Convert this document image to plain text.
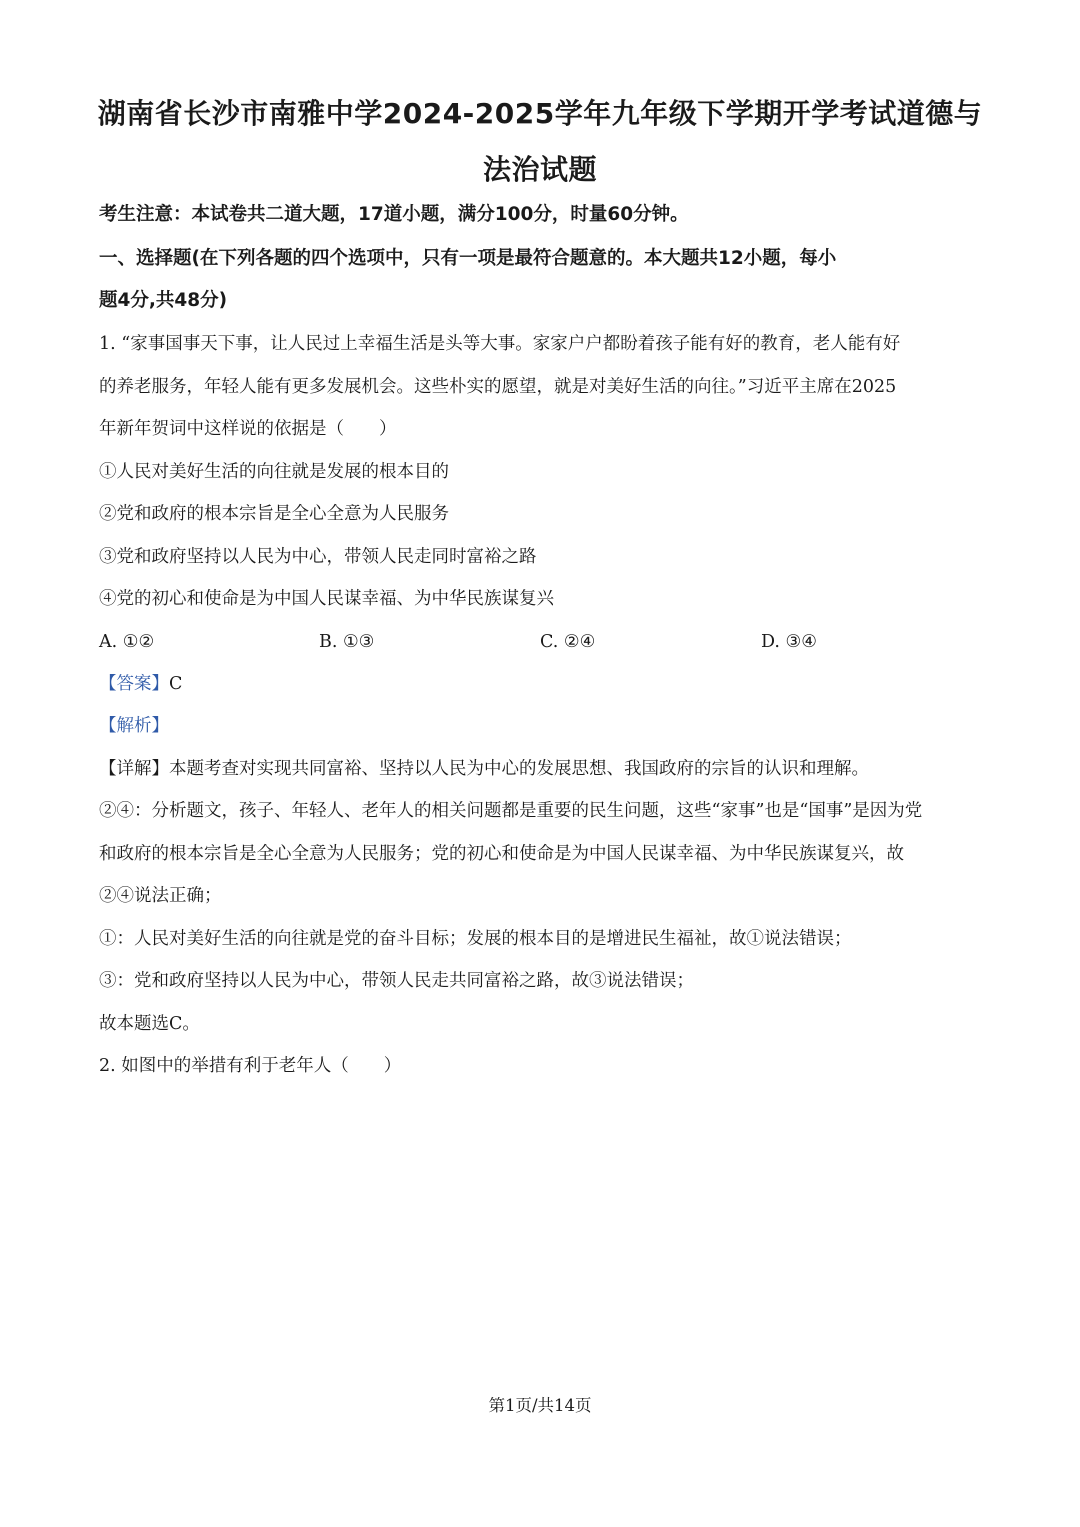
湖南省长沙市南雅中学2024-2025学年九年级下学期开学考试道德与
法治试题
考生注意：本试卷共二道大题，17道小题，满分100分，时量60分钟。
一、选择题(在下列各题的四个选项中，只有一项是最符合题意的。本大题共12小题，每小
题4分,共48分)
1. “家事国事天下事，让人民过上幸福生活是头等大事。家家户户都盼着孩子能有好的教育，老人能有好
的养老服务，年轻人能有更多发展机会。这些朴实的愿望，就是对美好生活的向往。”习近平主席在2025
年新年贺词中这样说的依据是（　　）
①人民对美好生活的向往就是发展的根本目的
②党和政府的根本宗旨是全心全意为人民服务
③党和政府坚持以人民为中心，带领人民走同时富裕之路
④党的初心和使命是为中国人民谋幸福、为中华民族谋复兴
A. ①②	B. ①③	C. ②④	D. ③④
【答案】C
【解析】
【详解】本题考查对实现共同富裕、坚持以人民为中心的发展思想、我国政府的宗旨的认识和理解。
②④：分析题文，孩子、年轻人、老年人的相关问题都是重要的民生问题，这些“家事”也是“国事”是因为党
和政府的根本宗旨是全心全意为人民服务；党的初心和使命是为中国人民谋幸福、为中华民族谋复兴，故
②④说法正确；
①：人民对美好生活的向往就是党的奋斗目标；发展的根本目的是增进民生福祉，故①说法错误；
③：党和政府坚持以人民为中心，带领人民走共同富裕之路，故③说法错误；
故本题选C。
2. 如图中的举措有利于老年人（　　）
第1页/共14页
